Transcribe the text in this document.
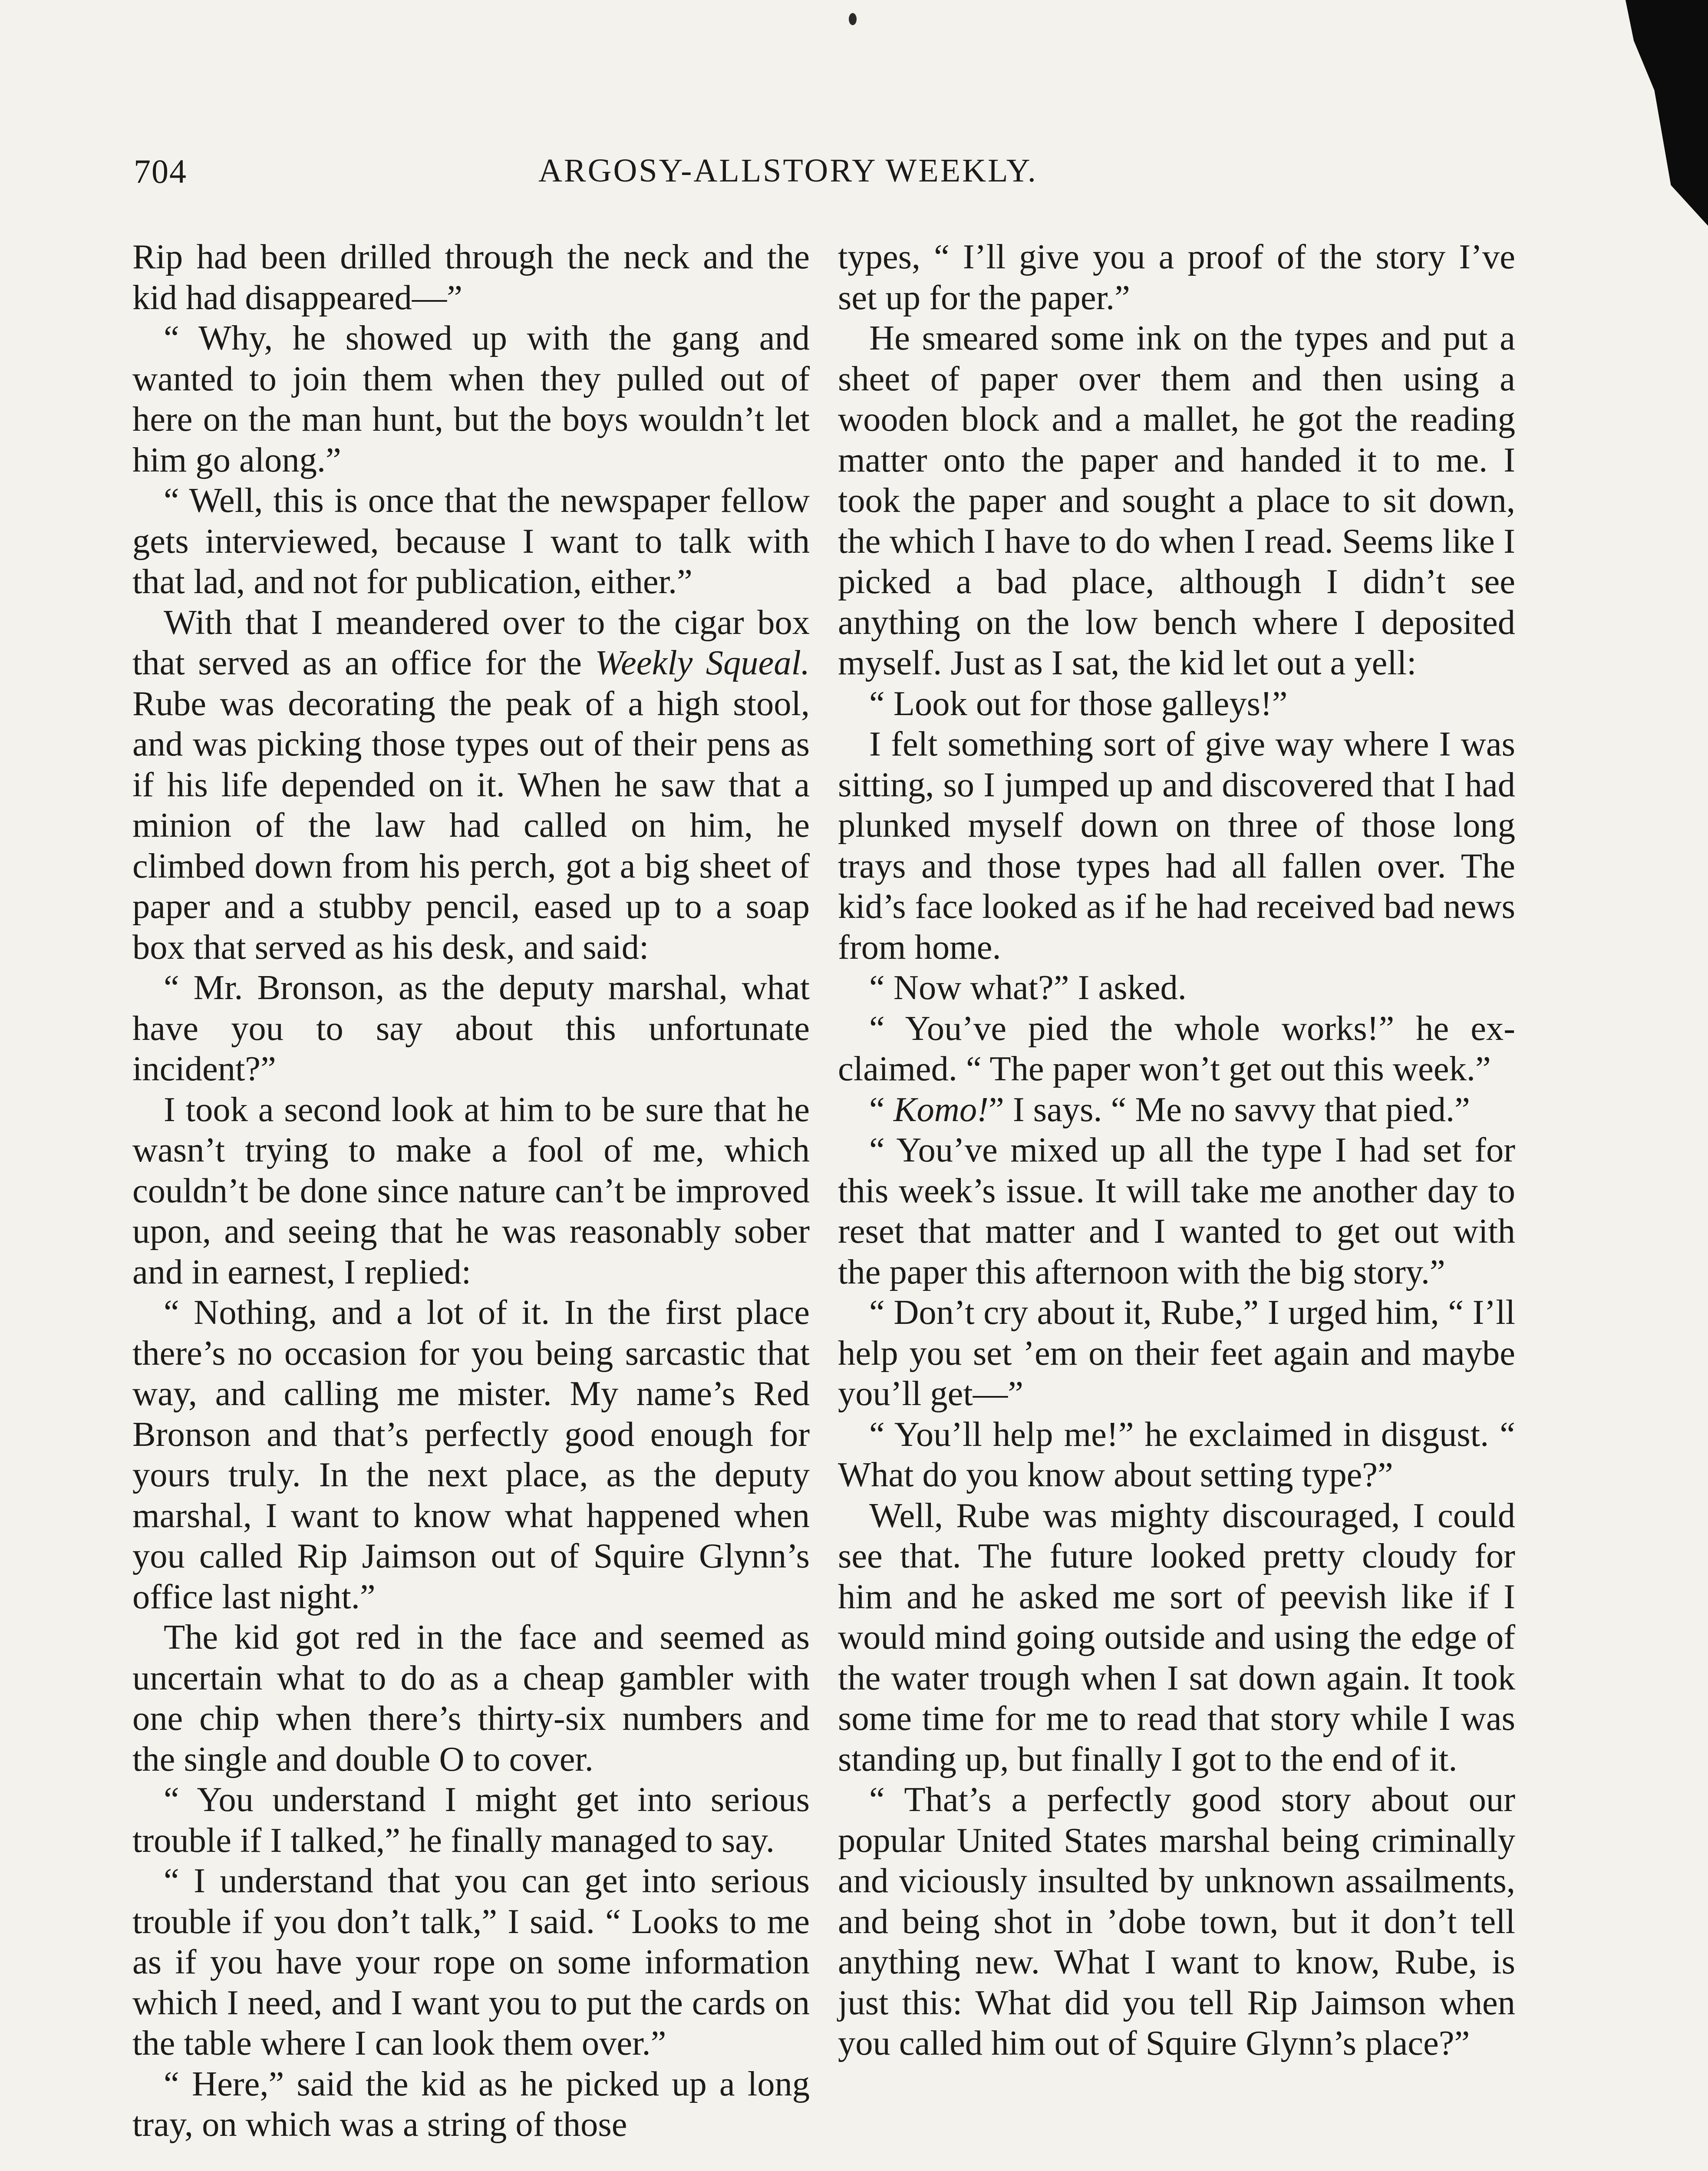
704	ARGOSY-ALLSTORY WEEKLY.

Rip had been drilled through the neck and the kid had disappeared—”

“ Why, he showed up with the gang and wanted to join them when they pulled out of here on the man hunt, but the boys wouldn’t let him go along.”

“ Well, this is once that the newspaper fellow gets interviewed, because I want to talk with that lad, and not for publication, either.”

With that I meandered over to the cigar box that served as an office for the Weekly Squeal. Rube was decorating the peak of a high stool, and was picking those types out of their pens as if his life depended on it. When he saw that a minion of the law had called on him, he climbed down from his perch, got a big sheet of paper and a stubby pencil, eased up to a soap box that served as his desk, and said:

“ Mr. Bronson, as the deputy marshal, what have you to say about this unfortunate incident?”

I took a second look at him to be sure that he wasn’t trying to make a fool of me, which couldn’t be done since nature can’t be improved upon, and seeing that he was reasonably sober and in earnest, I replied:

“ Nothing, and a lot of it. In the first place there’s no occasion for you being sarcastic that way, and calling me mister. My name’s Red Bronson and that’s perfectly good enough for yours truly. In the next place, as the deputy marshal, I want to know what happened when you called Rip Jaimson out of Squire Glynn’s office last night.”

The kid got red in the face and seemed as uncertain what to do as a cheap gambler with one chip when there’s thirty-six numbers and the single and double O to cover.

“ You understand I might get into serious trouble if I talked,” he finally managed to say.

“ I understand that you can get into serious trouble if you don’t talk,” I said. “ Looks to me as if you have your rope on some information which I need, and I want you to put the cards on the table where I can look them over.”

“ Here,” said the kid as he picked up a long tray, on which was a string of those

types, “ I’ll give you a proof of the story I’ve set up for the paper.”

He smeared some ink on the types and put a sheet of paper over them and then using a wooden block and a mallet, he got the reading matter onto the paper and handed it to me. I took the paper and sought a place to sit down, the which I have to do when I read. Seems like I picked a bad place, although I didn’t see anything on the low bench where I deposited myself. Just as I sat, the kid let out a yell:

“ Look out for those galleys!”

I felt something sort of give way where I was sitting, so I jumped up and discovered that I had plunked myself down on three of those long trays and those types had all fallen over. The kid’s face looked as if he had received bad news from home.

“ Now what?” I asked.

“ You’ve pied the whole works!” he exclaimed. “ The paper won’t get out this week.”

“ Komo!” I says. “ Me no savvy that pied.”

“ You’ve mixed up all the type I had set for this week’s issue. It will take me another day to reset that matter and I wanted to get out with the paper this afternoon with the big story.”

“ Don’t cry about it, Rube,” I urged him, “ I’ll help you set ’em on their feet again and maybe you’ll get—”

“ You’ll help me!” he exclaimed in disgust. “ What do you know about setting type?”

Well, Rube was mighty discouraged, I could see that. The future looked pretty cloudy for him and he asked me sort of peevish like if I would mind going outside and using the edge of the water trough when I sat down again. It took some time for me to read that story while I was standing up, but finally I got to the end of it.

“ That’s a perfectly good story about our popular United States marshal being criminally and viciously insulted by unknown assailments, and being shot in ’dobe town, but it don’t tell anything new. What I want to know, Rube, is just this: What did you tell Rip Jaimson when you called him out of Squire Glynn’s place?”
